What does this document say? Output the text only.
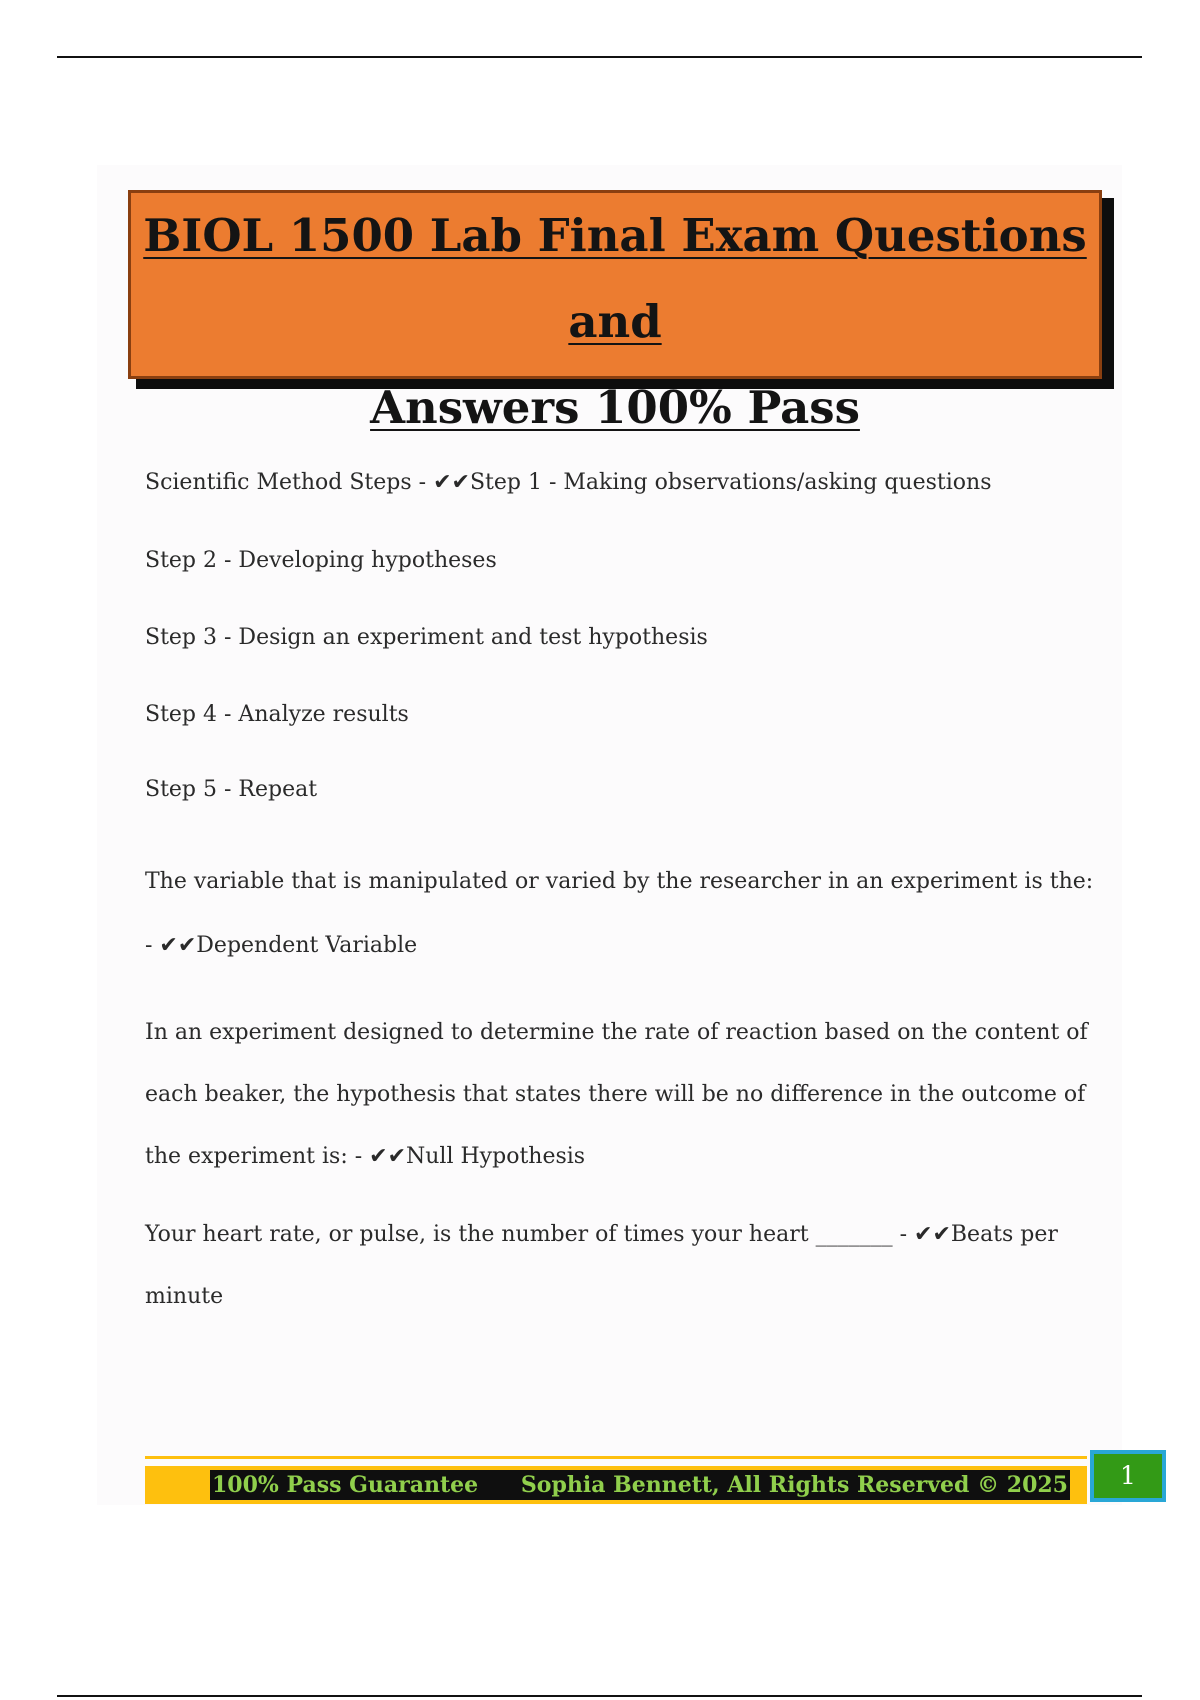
BIOL 1500 Lab Final Exam Questions and
Answers 100% Pass

Scientific Method Steps - ✔✔Step 1 - Making observations/asking questions

Step 2 - Developing hypotheses

Step 3 - Design an experiment and test hypothesis

Step 4 - Analyze results

Step 5 - Repeat

The variable that is manipulated or varied by the researcher in an experiment is the: - ✔✔Dependent Variable

In an experiment designed to determine the rate of reaction based on the content of each beaker, the hypothesis that states there will be no difference in the outcome of the experiment is: - ✔✔Null Hypothesis

Your heart rate, or pulse, is the number of times your heart _______ - ✔✔Beats per minute

100% Pass Guarantee Sophia Bennett, All Rights Reserved © 2025	1
